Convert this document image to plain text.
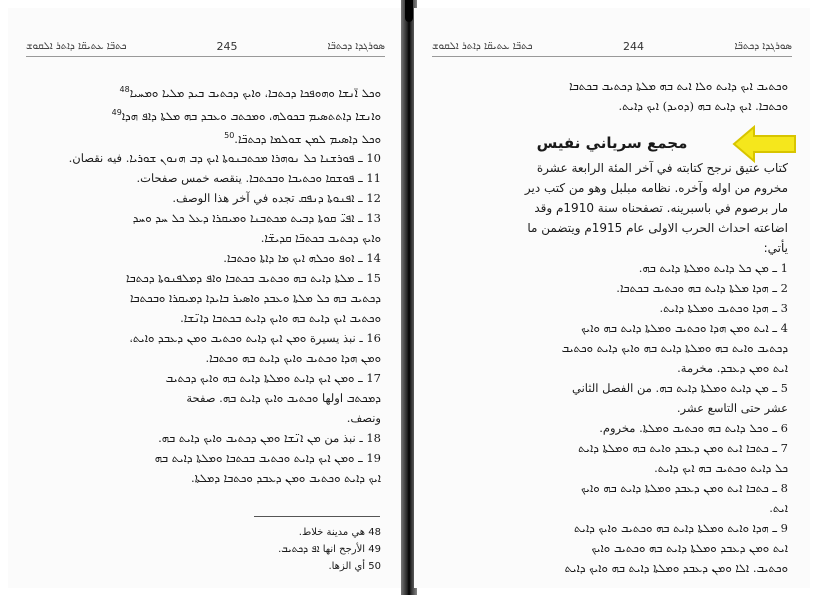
ܟܬܒ̈ܐ ܥܬܝܩ̈ܐ ܕܐܬܪ ܐܠܩܘܫ	245	ܣܘܪܓܕܐ ܕܟܬܒ̈ܐ
ܘܟܠ ܐ̈ܢܫܐ ܘܗܘܦܟܐ ܕܟܬܒܐ، ܘܐܝܟ ܕܟܬܝܒ ܒܝܕ ܡܠܝܐ ܘܡܚܝܐ$^{48}$
ܘܐܢܫܐ ܕܐܬܬܣܝܡ ܒܟܘܠܗ، ܘܡܟܬܒ ܘܥܒܕ ܒܗ ܡܠܬܐ ܕܐܦ ܗܕܐ$^{49}$
ܘܟܠ ܕܐܣܝܡ ܠܡܢ ܫܘܠܡܐ ܕܟܬܒ̈ܐ.$^{50}$
10 ـ ܦܘܪܫܢܐ ܟܠ ܢܘܗܪܐ ܡܟܬܒܢܘܬܐ ܐܝܟ ܕܒ ܗܢܘܢ ܫܘܪܝܐ. فيه نقصان.
11 ـ ܦܘܫܩܐ ܘܟܬܝܒܐ ܘܒܟܬܒܐ. ينقصه خمس صفحات.
12 ـ ܐܦܢܘܬܐ ܕܢܦܩ تجده في آخر هذا الوصف.
13 ـ ܐܦܝ̈ ܩܘܬܐ ܕܒܝܬ ܡܟܬܒܢܐ ܘܡܝܩܪܐ ܕܥܠ ܟܠ ܚܕ ܘܚܕ
ܘܐܝܟ ܕܟܬܝܒ ܒܟܬܒ̈ܐ ܩܕܝܫ̈ܐ.
14 ـ ܐܘܦ ܘܟܠܗ ܐܝܟ ܡܐ ܕܐܬܐ ܘܟܬܒܐ.
15 ـ ܡܠܬܐ ܕܐܝܬ ܒܗ ܘܟܬܝܒ ܒܟܬܒܐ ܘܐܦ ܕܡܠܦܢܘܬܐ ܕܟܬܒܐ
ܕܟܬܝܒ ܒܗ ܟܠ ܡܠܬܐ ܘܥܒܕ ܘܐܣܝܪ ܒܐܝܕܐ ܕܡܝܩܪܐ ܘܒܟܬܒܐ
ܘܟܬܝܒ ܐܝܟ ܕܐܝܬ ܒܗ ܘܐܝܟ ܕܐܝܬ ܒܟܬܒܐ ܕܐܢ̈ܫܐ.
16 ـ نبذ يسيرة ܘܡܢ ܐܝܟ ܕܐܝܬ ܘܟܬܝܒ ܘܡܢ ܕܥܒܕ ܘܐܝܬ،
ܘܡܢ ܗܕܐ ܘܟܬܝܒ ܘܐܝܟ ܕܐܝܬ ܒܗ ܘܟܬܒܐ.
17 ـ ܘܡܢ ܐܝܟ ܕܐܝܬ ܘܡܠܬܐ ܕܐܝܬ ܒܗ ܘܐܝܟ ܕܟܬܝܒ
ܕܡܟܬܒ اولها ܘܟܬܝܒ ܘܐܝܟ ܕܐܝܬ ܒܗ. صفحة
ونصف.
18 ـ نبذ من ܡܢ ܐܢ̈ܫܐ ܘܡܢ ܕܟܬܝܒ ܘܐܝܟ ܕܐܝܬ ܒܗ.
19 ـ ܘܡܢ ܐܝܟ ܕܐܝܬ ܘܟܬܝܒ ܒܟܬܒܐ ܘܡܠܬܐ ܕܐܝܬ ܒܗ
ܐܝܟ ܕܐܝܬ ܘܟܬܝܒ ܘܡܢ ܕܥܒܕ ܘܟܬܒܐ ܕܡܠܬܐ.
48 هي مدينة خلاط.
49 الأرجح انها ܐܦ ܕܟܬܝܒ.
50 أي الزها.
ܟܬܒ̈ܐ ܥܬܝܩ̈ܐ ܕܐܬܪ ܐܠܩܘܫ	244	ܣܘܪܓܕܐ ܕܟܬܒ̈ܐ
ܘܟܬܝܒ ܐܝܟ ܕܐܝܬ ܘܠܐ ܐܝܬ ܒܗ ܡܠܬܐ ܕܟܬܝܒ ܒܟܬܒܐ
ܘܟܬܒܐ. ܐܝܟ ܕܐܝܬ ܒܗ (ܕܘܝܕ) ܐܝܟ ܕܐܝܬ.
مجمع سرياني نفيس
كتاب عتيق نرجح كتابته في آخر المئة الرابعة عشرة
مخروم من اوله وآخره. نظامه مبلبل وهو من كتب دير
مار برصوم في باسبرينه. تصفحناه سنة 1910م وقد
اضاعته احداث الحرب الاولى عام 1915م ويتضمن ما
يأتي:
1 ـ ܡܢ ܟܠ ܕܐܝܬ ܘܡܠܬܐ ܕܐܝܬ ܒܗ.
2 ـ ܗܕܐ ܡܠܬܐ ܕܐܝܬ ܒܗ ܘܟܬܝܒ ܒܟܬܒܐ.
3 ـ ܗܕܐ ܘܟܬܝܒ ܘܡܠܬܐ ܕܐܝܬ.
4 ـ ܐܝܬ ܘܡܢ ܗܕܐ ܘܟܬܝܒ ܘܡܠܬܐ ܕܐܝܬ ܒܗ ܘܐܝܟ
ܕܟܬܝܒ ܘܐܝܬ ܒܗ ܘܡܠܬܐ ܕܐܝܬ ܒܗ ܘܐܝܟ ܕܐܝܬ ܘܟܬܝܒ
ܐܝܬ ܘܡܢ ܕܥܒܕ. مخرمة.
5 ـ ܡܢ ܕܐܝܬ ܘܡܠܬܐ ܕܐܝܬ ܒܗ. من الفصل الثاني
عشر حتى التاسع عشر.
6 ـ ܘܟܠ ܕܐܝܬ ܒܗ ܘܟܬܝܒ ܘܡܠܬܐ. مخروم.
7 ـ ܟܬܒܐ ܐܝܬ ܘܡܢ ܕܥܒܕ ܘܐܝܬ ܒܗ ܘܡܠܬܐ ܕܐܝܬ
ܟܠ ܕܐܝܬ ܘܟܬܝܒ ܒܗ ܐܝܟ ܕܐܝܬ.
8 ـ ܟܬܒܐ ܐܝܬ ܘܡܢ ܕܥܒܕ ܘܡܠܬܐ ܕܐܝܬ ܒܗ ܘܐܝܟ
ܐܝܬ.
9 ـ ܗܕܐ ܘܐܝܬ ܘܡܠܬܐ ܕܐܝܬ ܒܗ ܘܟܬܝܒ ܘܐܝܟ ܕܐܝܬ
ܐܝܬ ܘܡܢ ܕܥܒܕ ܘܡܠܬܐ ܕܐܝܬ ܒܗ ܘܟܬܝܒ ܘܐܝܟ
ܘܟܬܝܒ. ܐܠܐ ܘܡܢ ܕܥܒܕ ܘܡܠܬܐ ܕܐܝܬ ܒܗ ܘܐܝܟ ܕܐܝܬ
